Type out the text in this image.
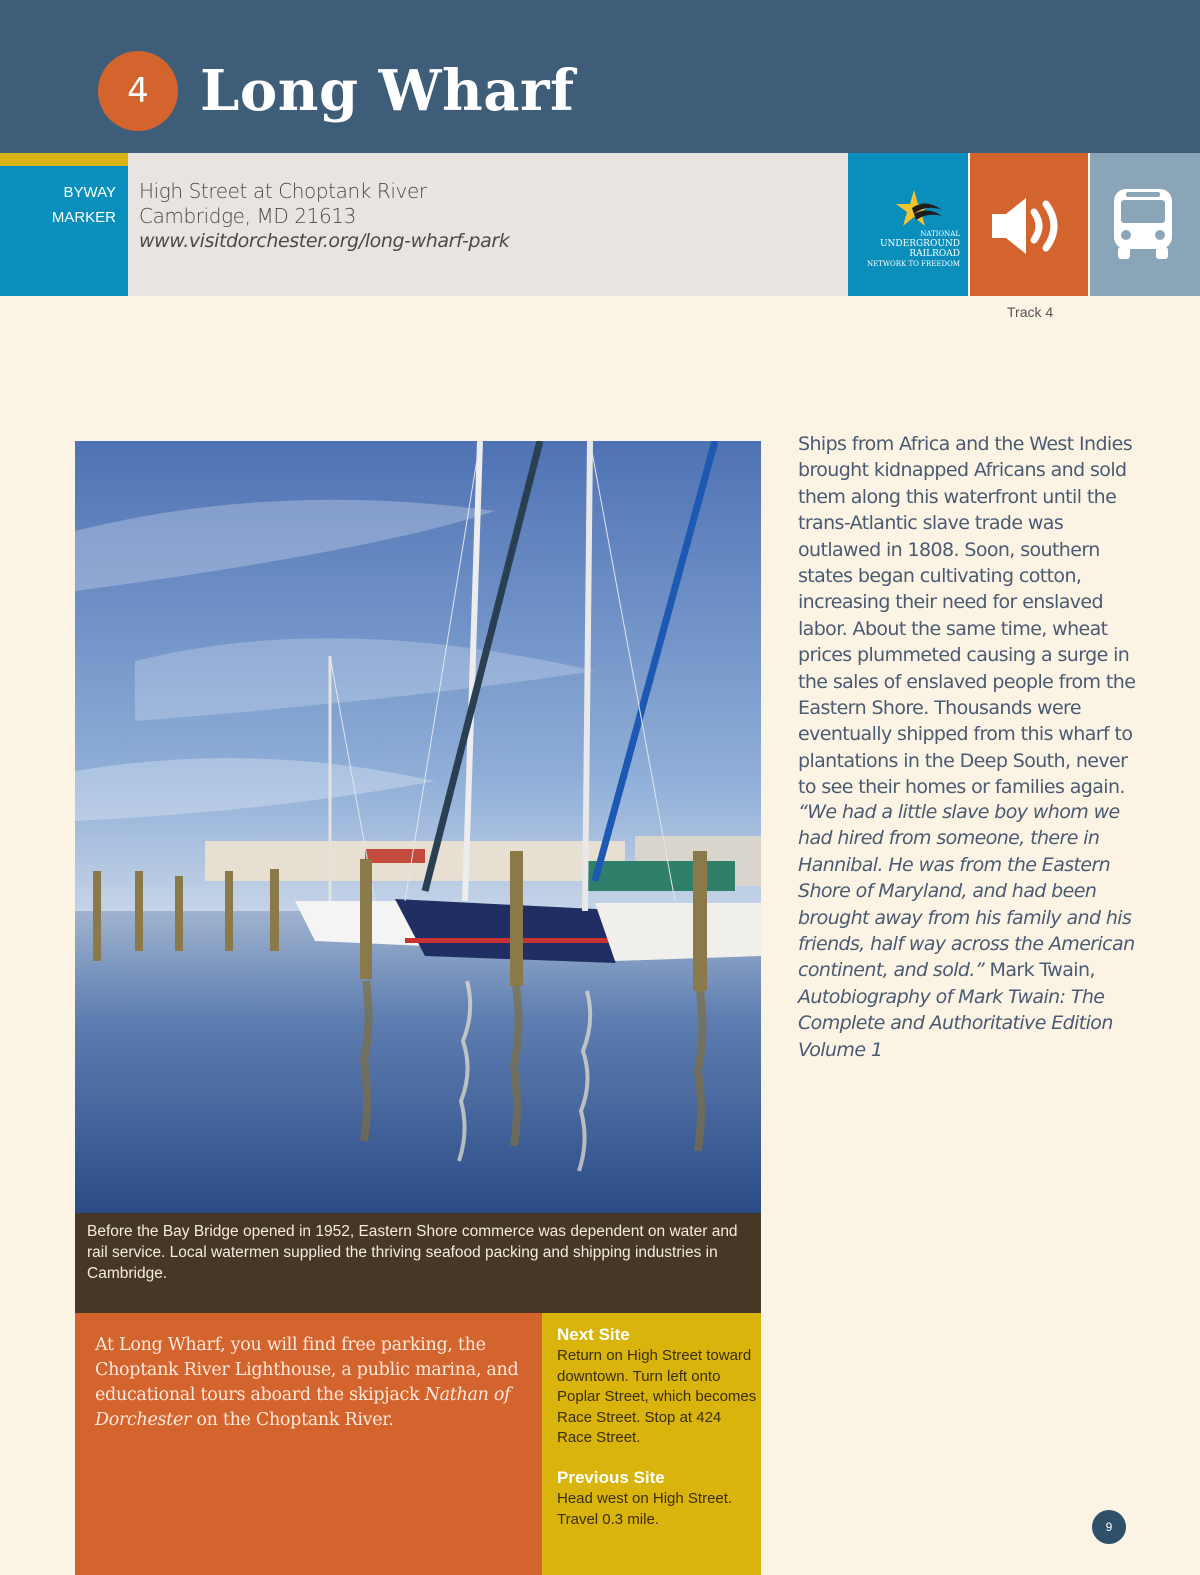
4 Long Wharf
BYWAY
MARKER
High Street at Choptank River
Cambridge, MD 21613
www.visitdorchester.org/long-wharf-park	NATIONAL
UNDERGROUND RAILROAD
NETWORK TO FREEDOM
Track 4
Before the Bay Bridge opened in 1952, Eastern Shore commerce was dependent on water and rail service. Local watermen supplied the thriving seafood packing and shipping industries in Cambridge.
Ships from Africa and the West Indies brought kidnapped Africans and sold them along this waterfront until the trans-Atlantic slave trade was outlawed in 1808. Soon, southern states began cultivating cotton, increasing their need for enslaved labor. About the same time, wheat prices plummeted causing a surge in the sales of enslaved people from the Eastern Shore. Thousands were eventually shipped from this wharf to plantations in the Deep South, never to see their homes or families again.
“We had a little slave boy whom we had hired from someone, there in Hannibal. He was from the Eastern Shore of Maryland, and had been brought away from his family and his friends, half way across the American continent, and sold.” Mark Twain, Autobiography of Mark Twain: The Complete and Authoritative Edition Volume 1
At Long Wharf, you will find free parking, the Choptank River Lighthouse, a public marina, and educational tours aboard the skipjack Nathan of Dorchester on the Choptank River.
Next Site
Return on High Street toward downtown. Turn left onto Poplar Street, which becomes Race Street. Stop at 424 Race Street.
Previous Site
Head west on High Street. Travel 0.3 mile.	9
